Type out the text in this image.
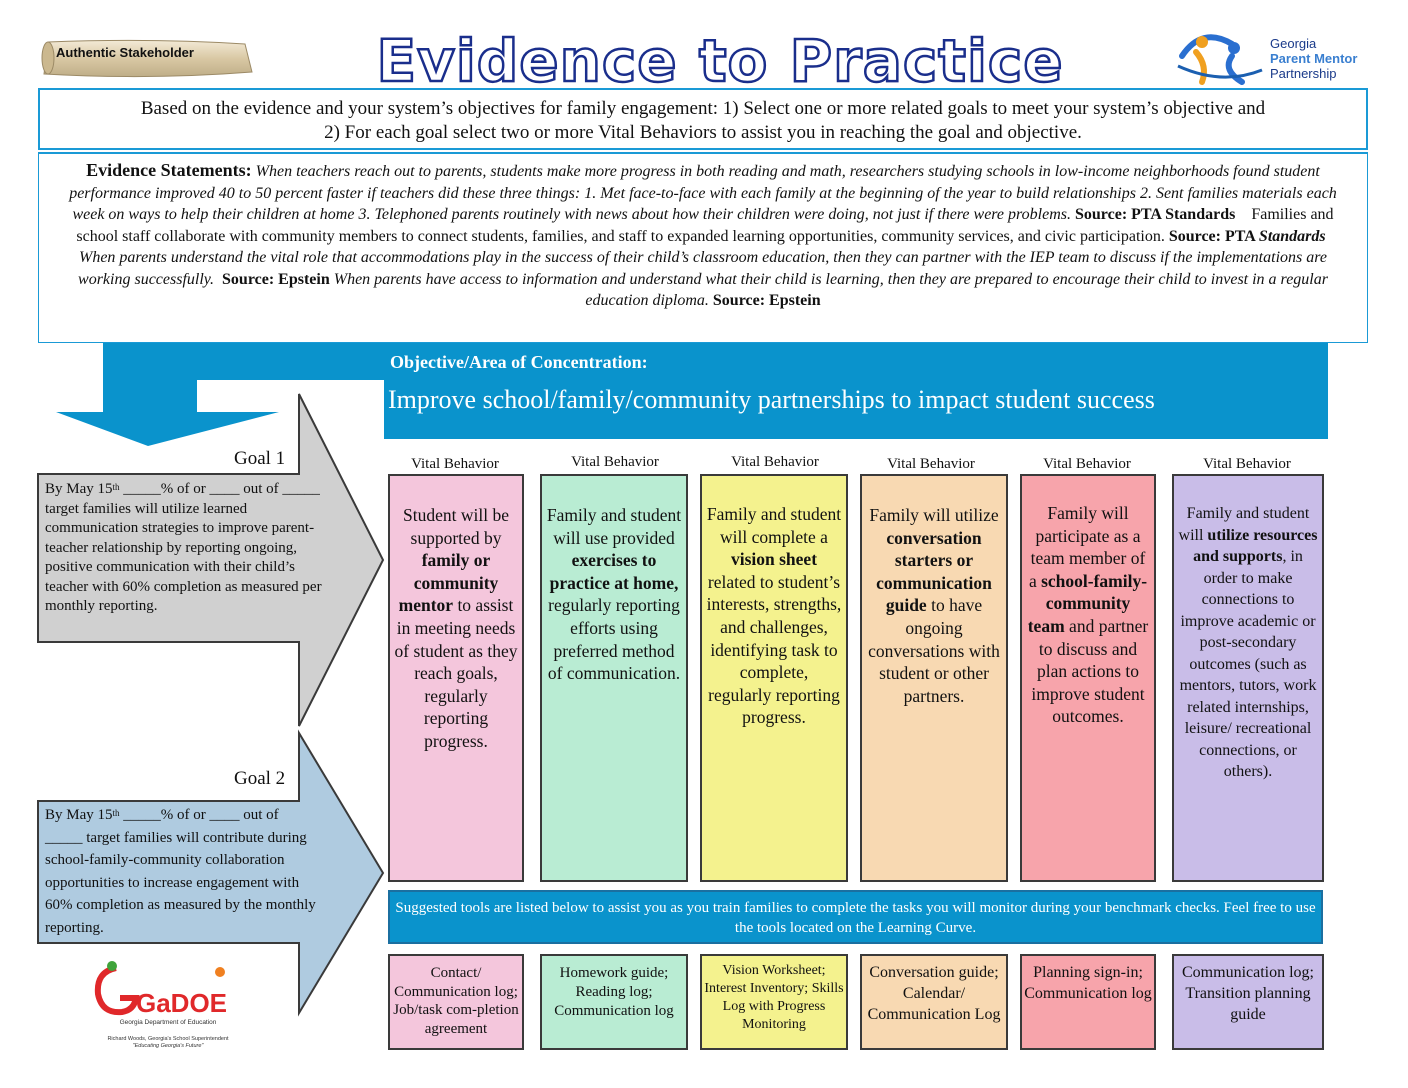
Authentic Stakeholder	Evidence to Practice	Georgia
Parent Mentor
Partnership
Based on the evidence and your system’s objectives for family engagement: 1) Select one or more related goals to meet your system’s objective and
2) For each goal select two or more Vital Behaviors to assist you in reaching the goal and objective.
Evidence Statements: When teachers reach out to parents, students make more progress in both reading and math, researchers studying schools in low-income neighborhoods found student performance improved 40 to 50 percent faster if teachers did these three things: 1. Met face-to-face with each family at the beginning of the year to build relationships 2. Sent families materials each week on ways to help their children at home 3. Telephoned parents routinely with news about how their children were doing, not just if there were problems. Source: PTA Standards Families and school staff collaborate with community members to connect students, families, and staff to expanded learning opportunities, community services, and civic participation. Source: PTA Standards  When parents understand the vital role that accommodations play in the success of their child’s classroom education, then they can partner with the IEP team to discuss if the implementations are working successfully. Source: Epstein When parents have access to information and understand what their child is learning, then they are prepared to encourage their child to invest in a regular education diploma. Source: Epstein
Objective/Area of Concentration:
Improve school/family/community partnerships to impact student success
Goal 1
By May 15th _____% of or ____ out of _____ target families will utilize learned communication strategies to improve parent-teacher relationship by reporting ongoing, positive communication with their child’s teacher with 60% completion as measured per monthly reporting.
Goal 2
By May 15th _____% of or ____ out of _____ target families will contribute during school-family-community collaboration opportunities to increase engagement with 60% completion as measured by the monthly reporting.
Vital Behavior	Vital Behavior	Vital Behavior	Vital Behavior	Vital Behavior	Vital Behavior
Student will be supported by family or community mentor to assist in meeting needs of student as they reach goals, regularly reporting progress.
Family and student will use provided exercises to practice at home, regularly reporting efforts using preferred method of communication.
Family and student will complete a vision sheet related to student’s interests, strengths, and challenges, identifying task to complete, regularly reporting progress.
Family will utilize conversation starters or communication guide to have ongoing conversations with student or other partners.
Family will participate as a team member of a school-family-community team and partner to discuss and plan actions to improve student outcomes.
Family and student will utilize resources and supports, in order to make connections to improve academic or post-secondary outcomes (such as mentors, tutors, work related internships, leisure/ recreational connections, or others).
Suggested tools are listed below to assist you as you train families to complete the tasks you will monitor during your benchmark checks. Feel free to use the tools located on the Learning Curve.
Contact/ Communication log; Job/task com-pletion agreement
Homework guide; Reading log; Communication log
Vision Worksheet; Interest Inventory; Skills Log with Progress Monitoring
Conversation guide; Calendar/ Communication Log
Planning sign-in; Communication log
Communication log; Transition planning guide
GaDOE
Georgia Department of Education
Richard Woods, Georgia's School Superintendent
"Educating Georgia's Future"
